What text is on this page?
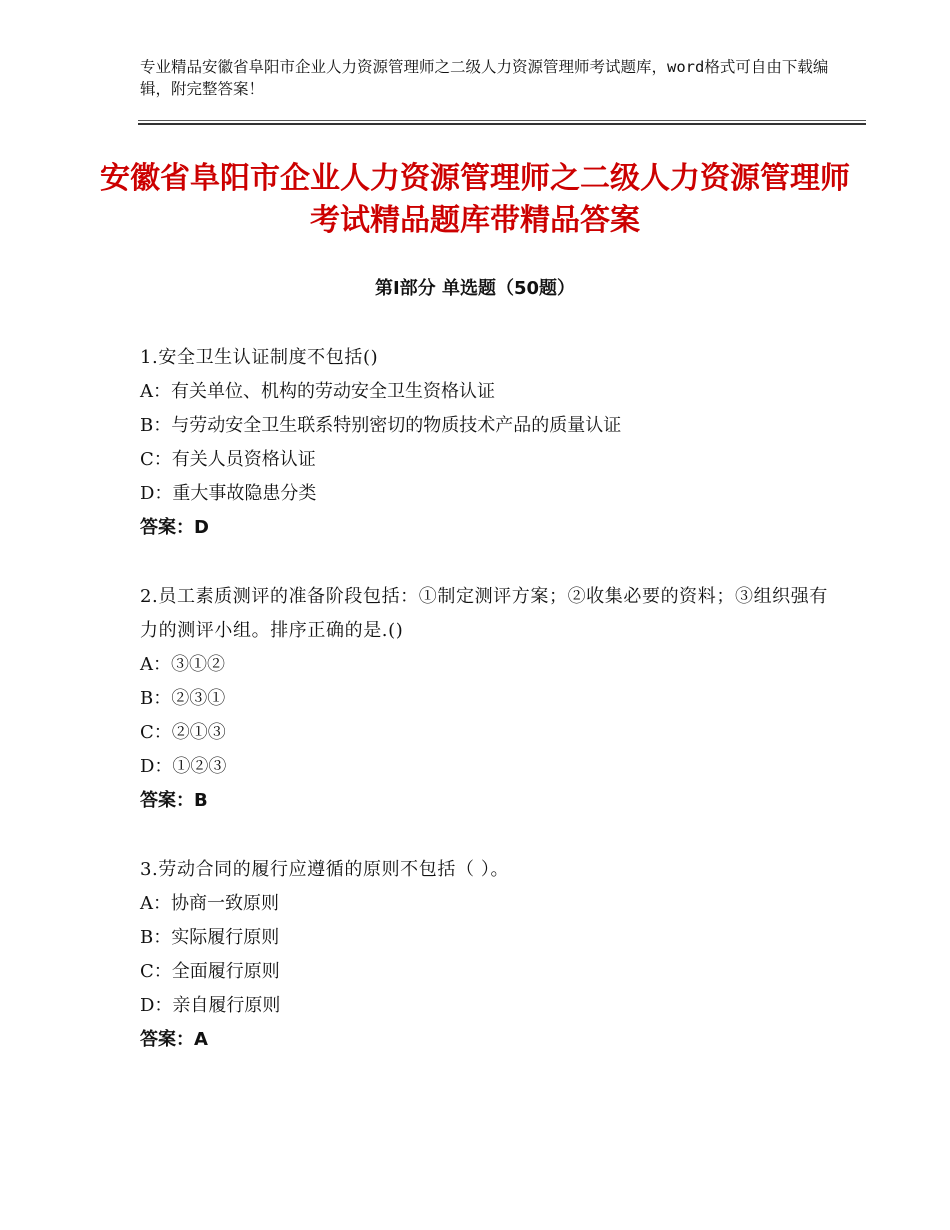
专业精品安徽省阜阳市企业人力资源管理师之二级人力资源管理师考试题库，word格式可自由下载编辑，附完整答案！
安徽省阜阳市企业人力资源管理师之二级人力资源管理师考试精品题库带精品答案
第Ⅰ部分 单选题（50题）

1.安全卫生认证制度不包括()

A：有关单位、机构的劳动安全卫生资格认证

B：与劳动安全卫生联系特别密切的物质技术产品的质量认证

C：有关人员资格认证

D：重大事故隐患分类

答案：D

2.员工素质测评的准备阶段包括：①制定测评方案；②收集必要的资料；③组织强有力的测评小组。排序正确的是.()

A：③①②

B：②③①

C：②①③

D：①②③

答案：B

3.劳动合同的履行应遵循的原则不包括（ ）。

A：协商一致原则

B：实际履行原则

C：全面履行原则

D：亲自履行原则

答案：A
